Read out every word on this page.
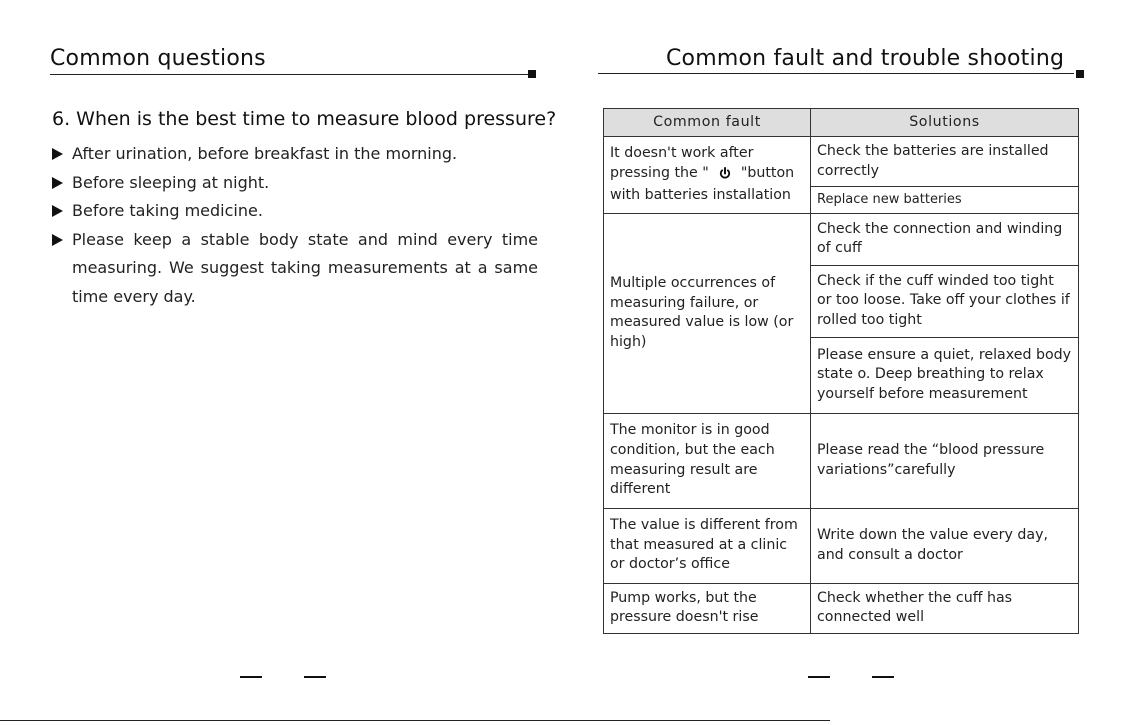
Common questions
6. When is the best time to measure blood pressure?
After urination, before breakfast in the morning.
Before sleeping at night.
Before taking medicine.
Please keep a stable body state and mind every time
measuring. We suggest taking measurements at a same
time every day.
Common fault and trouble shooting
Common fault	Solutions
It doesn't work after pressing the " "button with batteries installation	Check the batteries are installed correctly
	Replace new batteries
Multiple occurrences of measuring failure, or measured value is low (or high)	Check the connection and winding of cuff
	Check if the cuff winded too tight or too loose. Take off your clothes if rolled too tight
	Please ensure a quiet, relaxed body state o. Deep breathing to relax yourself before measurement
The monitor is in good condition, but the each measuring result are different	Please read the “blood pressure variations”carefully
The value is different from that measured at a clinic or doctor’s office	Write down the value every day, and consult a doctor
Pump works, but the pressure doesn't rise	Check whether the cuff has connected well
